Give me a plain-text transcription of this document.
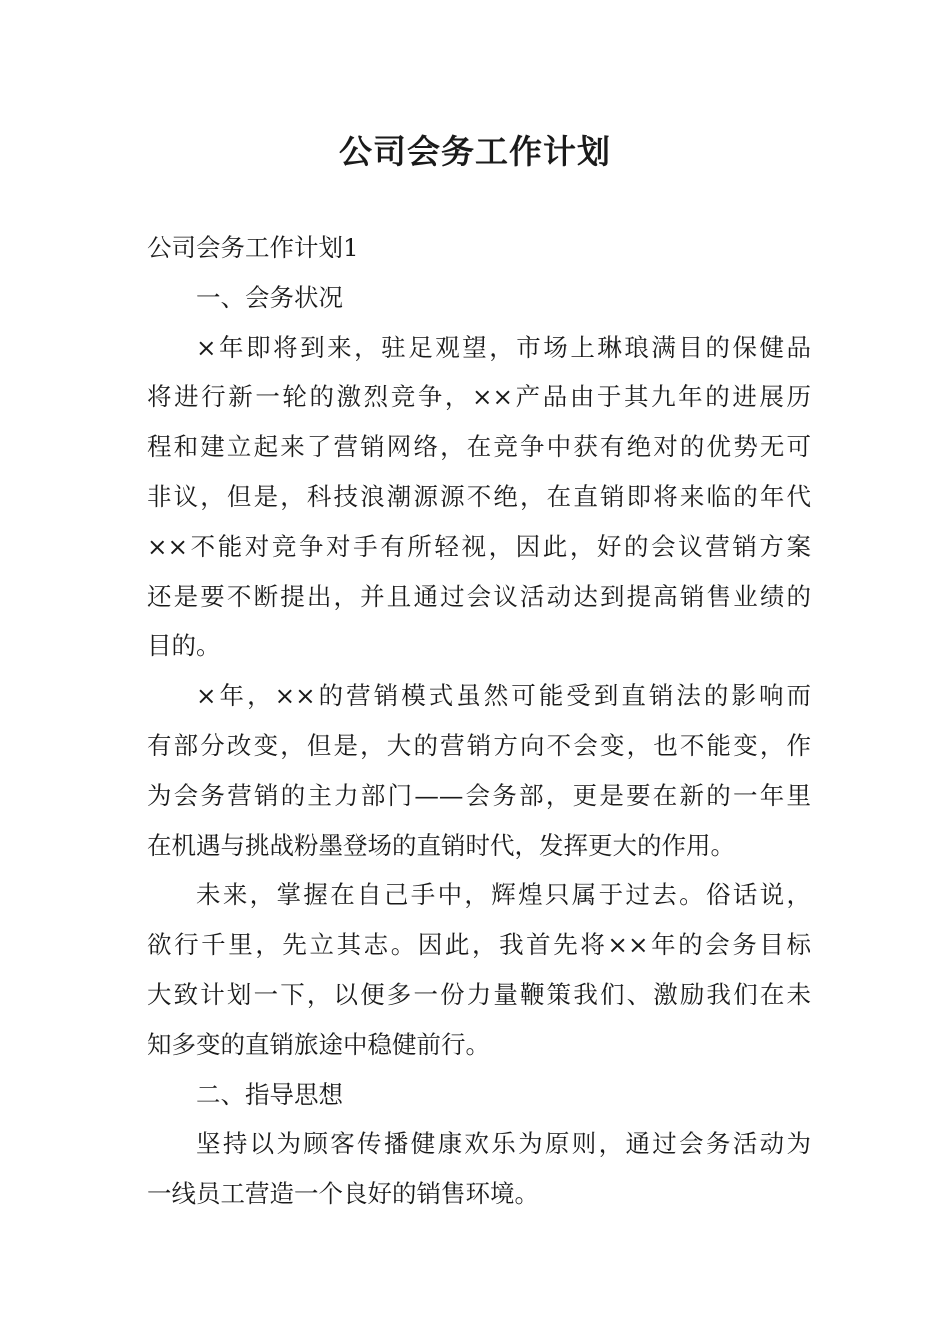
公司会务工作计划
公司会务工作计划1
一、会务状况
×年即将到来，驻足观望，市场上琳琅满目的保健品
将进行新一轮的激烈竞争，××产品由于其九年的进展历
程和建立起来了营销网络，在竞争中获有绝对的优势无可
非议，但是，科技浪潮源源不绝，在直销即将来临的年代
××不能对竞争对手有所轻视，因此，好的会议营销方案
还是要不断提出，并且通过会议活动达到提高销售业绩的
目的。
×年，××的营销模式虽然可能受到直销法的影响而
有部分改变，但是，大的营销方向不会变，也不能变，作
为会务营销的主力部门——会务部，更是要在新的一年里
在机遇与挑战粉墨登场的直销时代，发挥更大的作用。
未来，掌握在自己手中，辉煌只属于过去。俗话说，
欲行千里，先立其志。因此，我首先将××年的会务目标
大致计划一下，以便多一份力量鞭策我们、激励我们在未
知多变的直销旅途中稳健前行。
二、指导思想
坚持以为顾客传播健康欢乐为原则，通过会务活动为
一线员工营造一个良好的销售环境。
